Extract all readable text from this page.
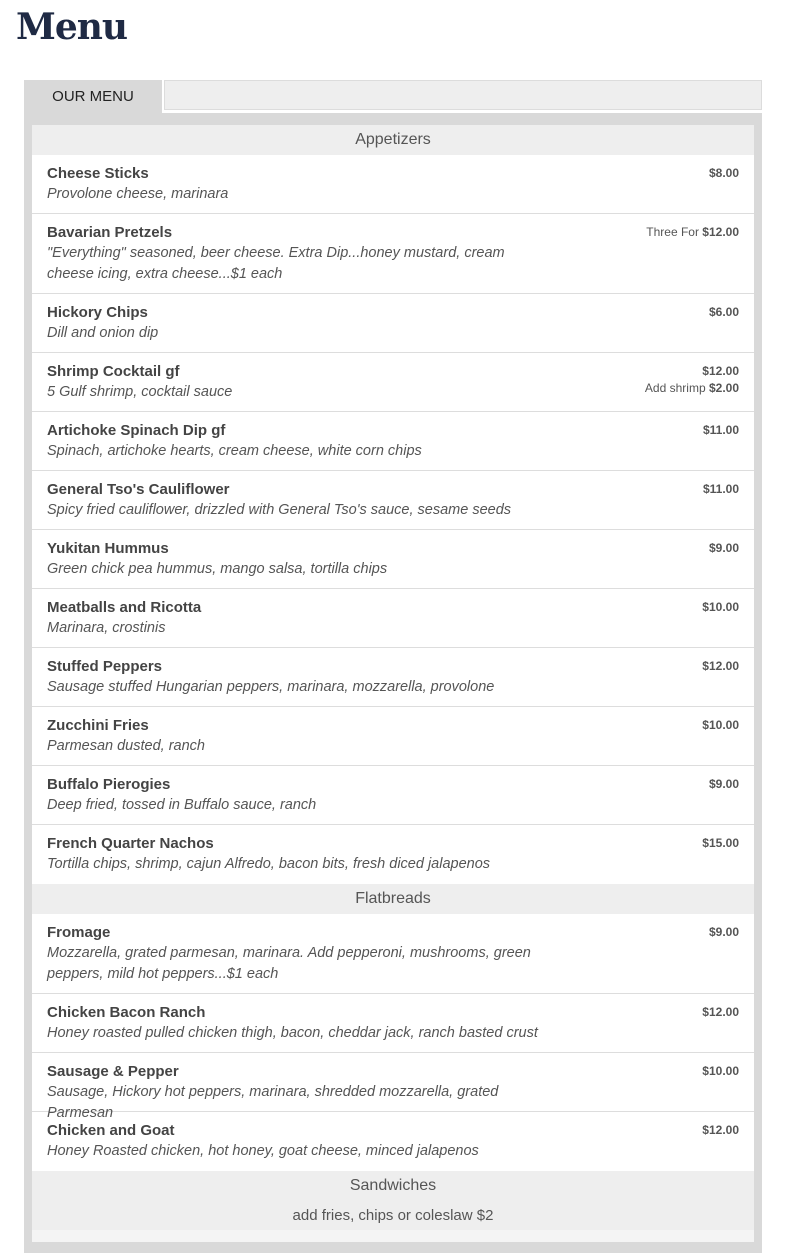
Menu
OUR MENU
Appetizers
Cheese Sticks
Provolone cheese, marinara
$8.00
Bavarian Pretzels
"Everything" seasoned, beer cheese. Extra Dip...honey mustard, cream cheese icing, extra cheese...$1 each
Three For $12.00
Hickory Chips
Dill and onion dip
$6.00
Shrimp Cocktail gf
5 Gulf shrimp, cocktail sauce
$12.00
Add shrimp $2.00
Artichoke Spinach Dip gf
Spinach, artichoke hearts, cream cheese, white corn chips
$11.00
General Tso's Cauliflower
Spicy fried cauliflower, drizzled with General Tso's sauce, sesame seeds
$11.00
Yukitan Hummus
Green chick pea hummus, mango salsa, tortilla chips
$9.00
Meatballs and Ricotta
Marinara, crostinis
$10.00
Stuffed Peppers
Sausage stuffed Hungarian peppers, marinara, mozzarella, provolone
$12.00
Zucchini Fries
Parmesan dusted, ranch
$10.00
Buffalo Pierogies
Deep fried, tossed in Buffalo sauce, ranch
$9.00
French Quarter Nachos
Tortilla chips, shrimp, cajun Alfredo, bacon bits, fresh diced jalapenos
$15.00
Flatbreads
Fromage
Mozzarella, grated parmesan, marinara. Add pepperoni, mushrooms, green peppers, mild hot peppers...$1 each
$9.00
Chicken Bacon Ranch
Honey roasted pulled chicken thigh, bacon, cheddar jack, ranch basted crust
$12.00
Sausage & Pepper
Sausage, Hickory hot peppers, marinara, shredded mozzarella, grated Parmesan
$10.00
Chicken and Goat
Honey Roasted chicken, hot honey, goat cheese, minced jalapenos
$12.00
Sandwiches
add fries, chips or coleslaw $2
